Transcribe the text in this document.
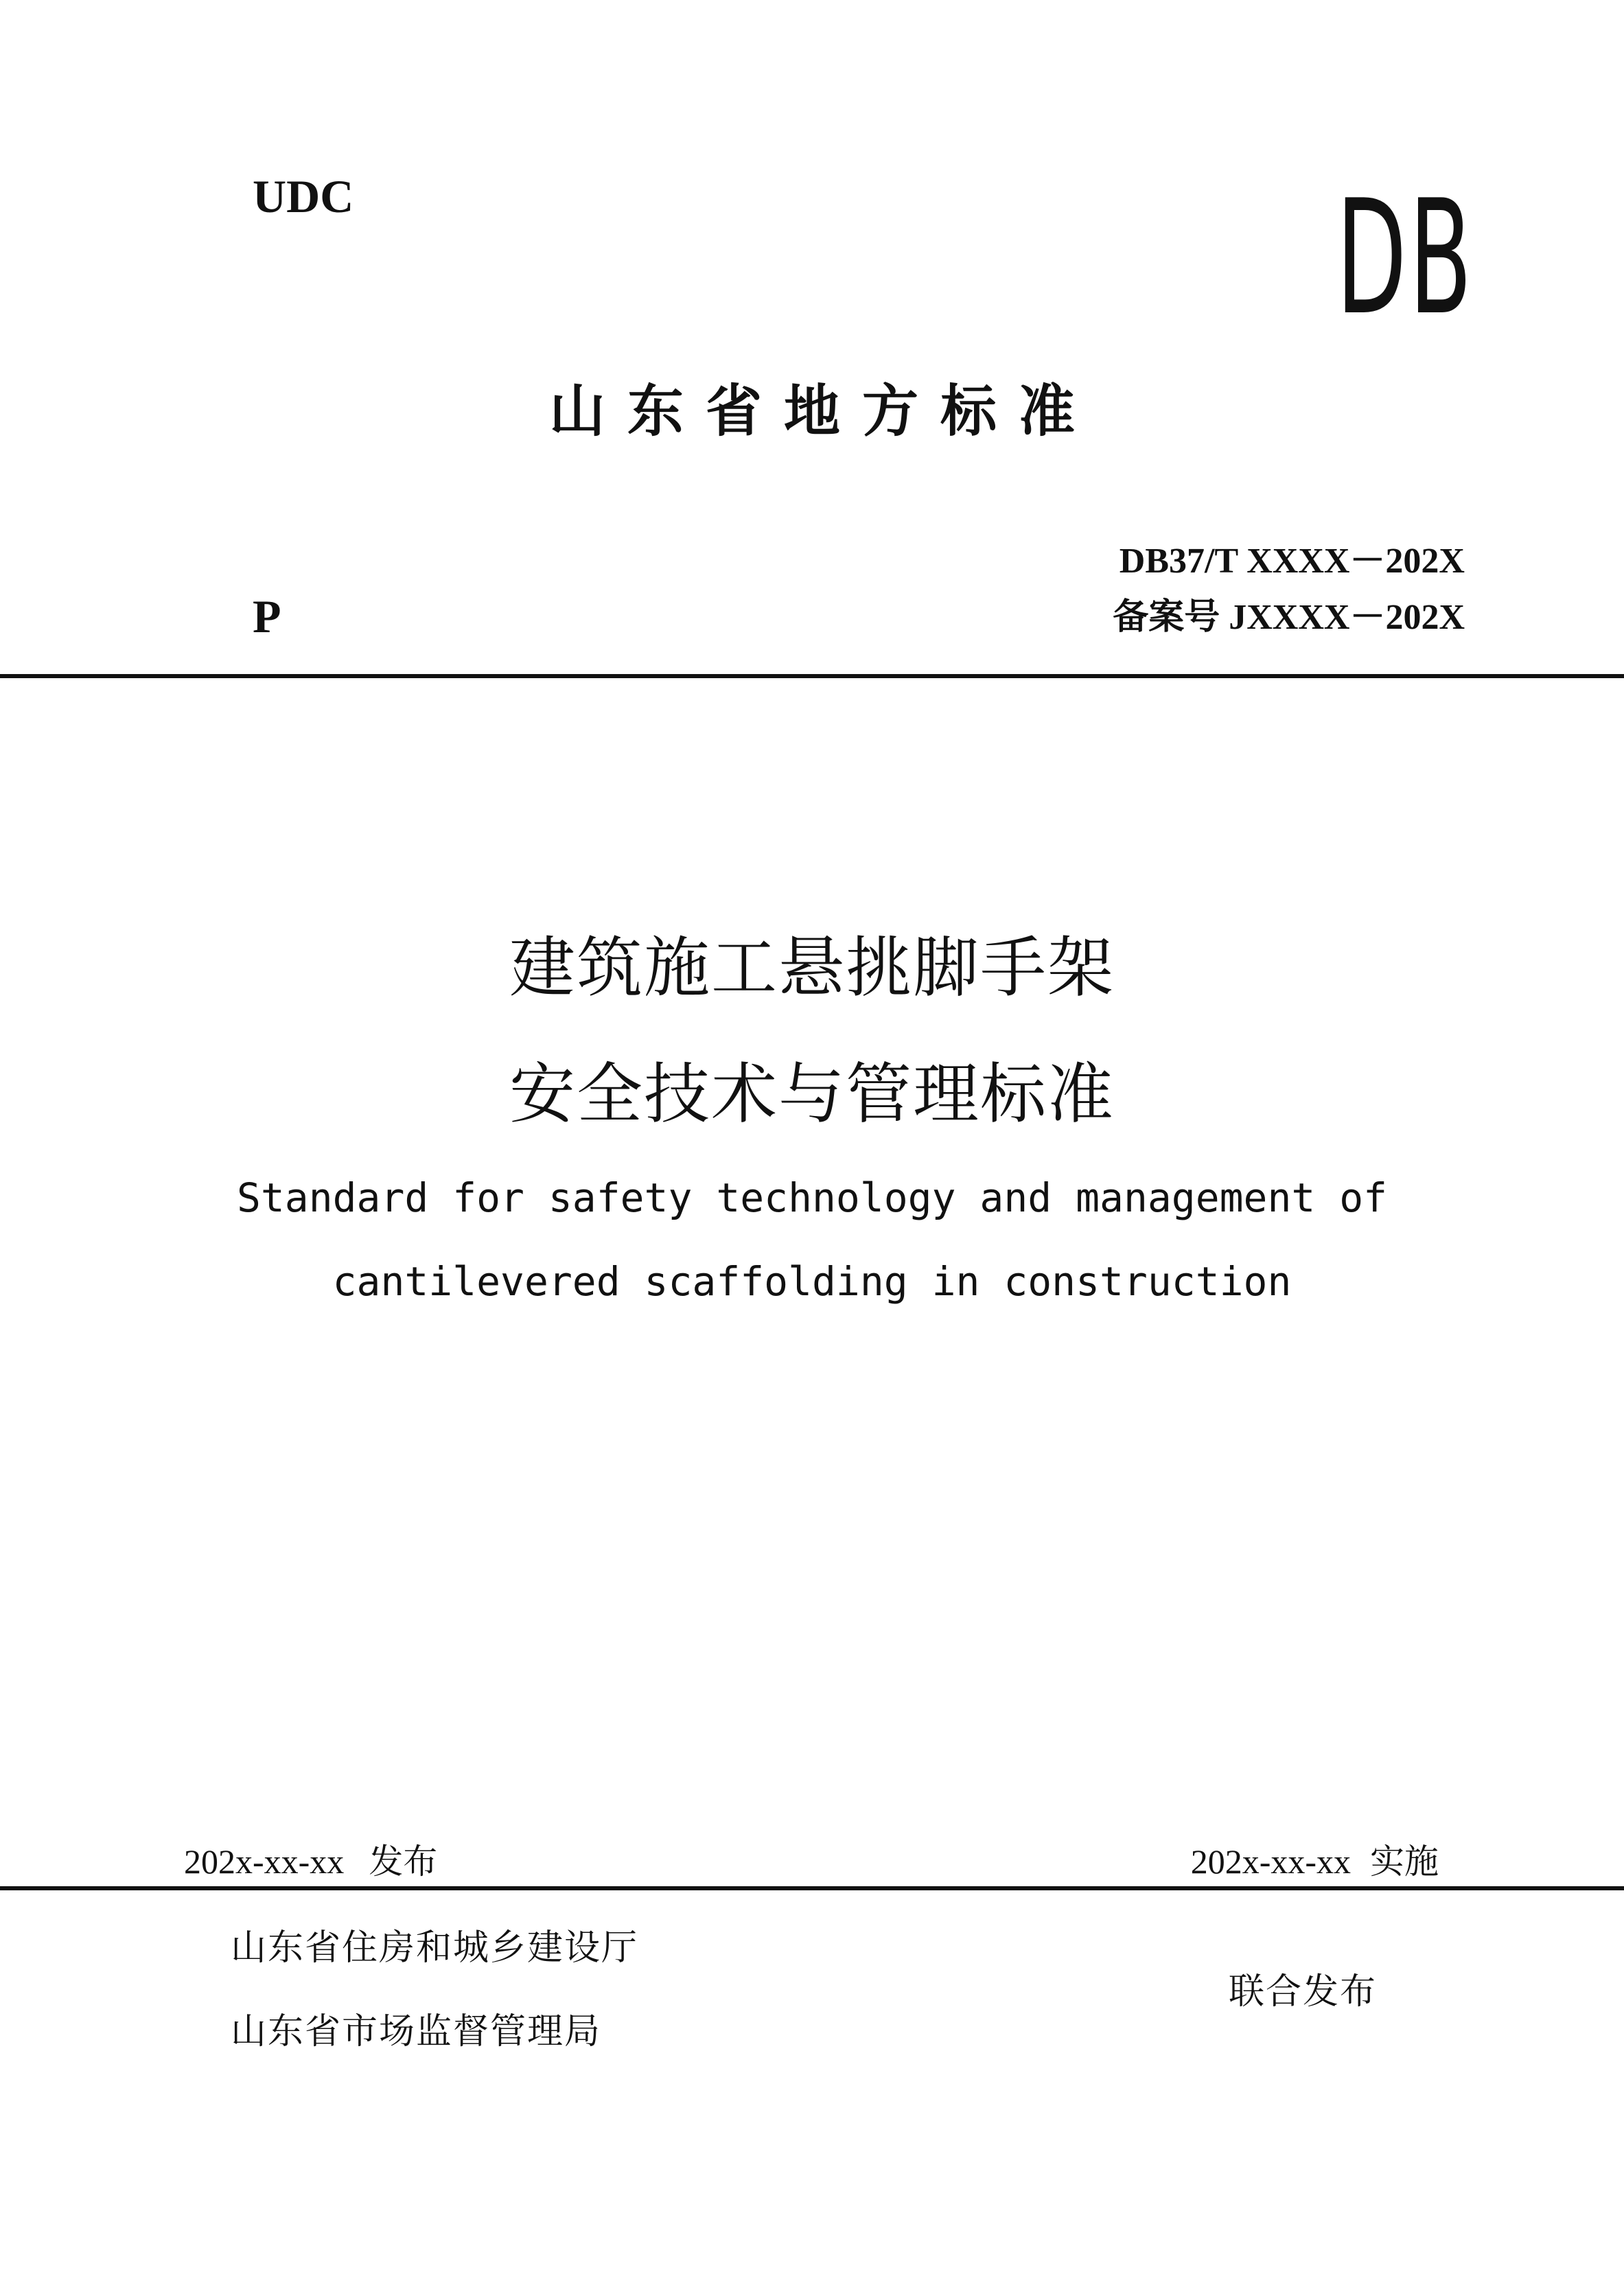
UDC	DB
山东省地方标准
DB37/T XXXX－202X
备案号 JXXXX－202X
P
建筑施工悬挑脚手架
安全技术与管理标准
Standard for safety technology and management of
cantilevered scaffolding in construction
202x-xx-xx 发布	202x-xx-xx 实施
山东省住房和城乡建设厅
山东省市场监督管理局
联合发布
